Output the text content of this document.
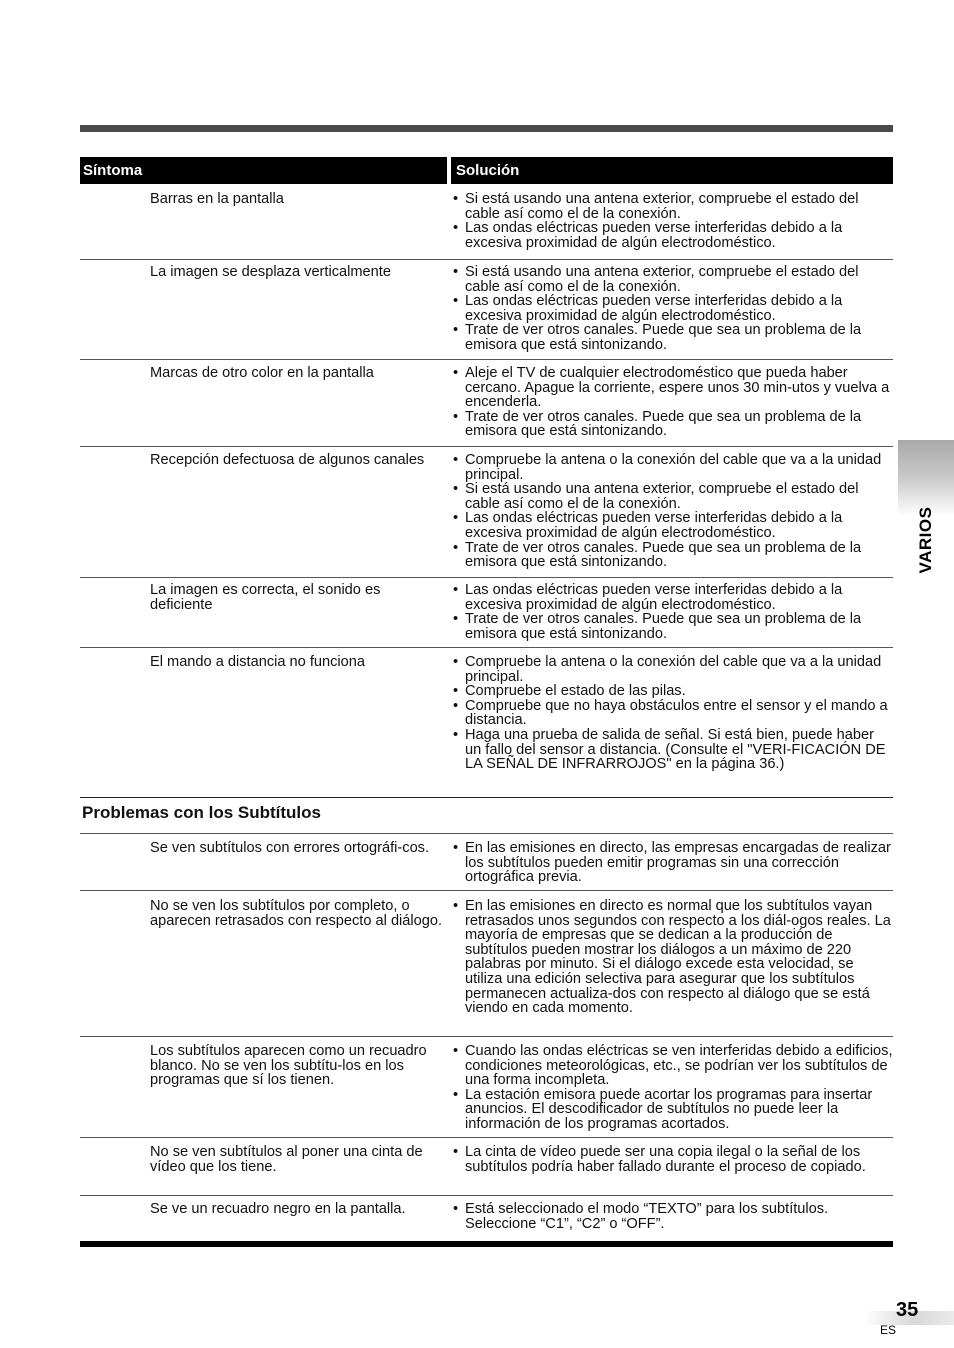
Síntoma	Solución
Barras en la pantalla	• Si está usando una antena exterior, compruebe el estado del cable así como el de la conexión.
• Las ondas eléctricas pueden verse interferidas debido a la excesiva proximidad de algún electrodoméstico.
La imagen se desplaza verticalmente	• Si está usando una antena exterior, compruebe el estado del cable así como el de la conexión.
• Las ondas eléctricas pueden verse interferidas debido a la excesiva proximidad de algún electrodoméstico.
• Trate de ver otros canales. Puede que sea un problema de la emisora que está sintonizando.
Marcas de otro color en la pantalla	• Aleje el TV de cualquier electrodoméstico que pueda haber cercano. Apague la corriente, espere unos 30 min-utos y vuelva a encenderla.
• Trate de ver otros canales. Puede que sea un problema de la emisora que está sintonizando.
Recepción defectuosa de algunos canales	• Compruebe la antena o la conexión del cable que va a la unidad principal.
• Si está usando una antena exterior, compruebe el estado del cable así como el de la conexión.
• Las ondas eléctricas pueden verse interferidas debido a la excesiva proximidad de algún electrodoméstico.
• Trate de ver otros canales. Puede que sea un problema de la emisora que está sintonizando.
La imagen es correcta, el sonido es deficiente
• Las ondas eléctricas pueden verse interferidas debido a la excesiva proximidad de algún electrodoméstico.
• Trate de ver otros canales. Puede que sea un problema de la emisora que está sintonizando.
El mando a distancia no funciona	• Compruebe la antena o la conexión del cable que va a la unidad principal.
• Compruebe el estado de las pilas.
• Compruebe que no haya obstáculos entre el sensor y el mando a distancia.
• Haga una prueba de salida de señal. Si está bien, puede haber un fallo del sensor a distancia. (Consulte el "VERI-FICACIÓN DE LA SEÑAL DE INFRARROJOS" en la página 36.)
Problemas con los Subtítulos
Se ven subtítulos con errores ortográfi-cos.	• En las emisiones en directo, las empresas encargadas de realizar los subtítulos pueden emitir programas sin una corrección ortográfica previa.
No se ven los subtítulos por completo, o aparecen retrasados con respecto al diálogo.
• En las emisiones en directo es normal que los subtítulos vayan retrasados unos segundos con respecto a los diál-ogos reales. La mayoría de empresas que se dedican a la producción de subtítulos pueden mostrar los diálogos a un máximo de 220 palabras por minuto. Si el diálogo excede esta velocidad, se utiliza una edición selectiva para asegurar que los subtítulos permanecen actualiza-dos con respecto al diálogo que se está viendo en cada momento.
Los subtítulos aparecen como un recuadro blanco. No se ven los subtítu-los en los programas que sí los tienen.
• Cuando las ondas eléctricas se ven interferidas debido a edificios, condiciones meteorológicas, etc., se podrían ver los subtítulos de una forma incompleta.
• La estación emisora puede acortar los programas para insertar anuncios. El descodificador de subtítulos no puede leer la información de los programas acortados.
No se ven subtítulos al poner una cinta de vídeo que los tiene.
• La cinta de vídeo puede ser una copia ilegal o la señal de los subtítulos podría haber fallado durante el proceso de copiado.
Se ve un recuadro negro en la pantalla.	• Está seleccionado el modo “TEXTO” para los subtítulos. Seleccione “C1”, “C2” o “OFF”.
VARIOS
35
ES
